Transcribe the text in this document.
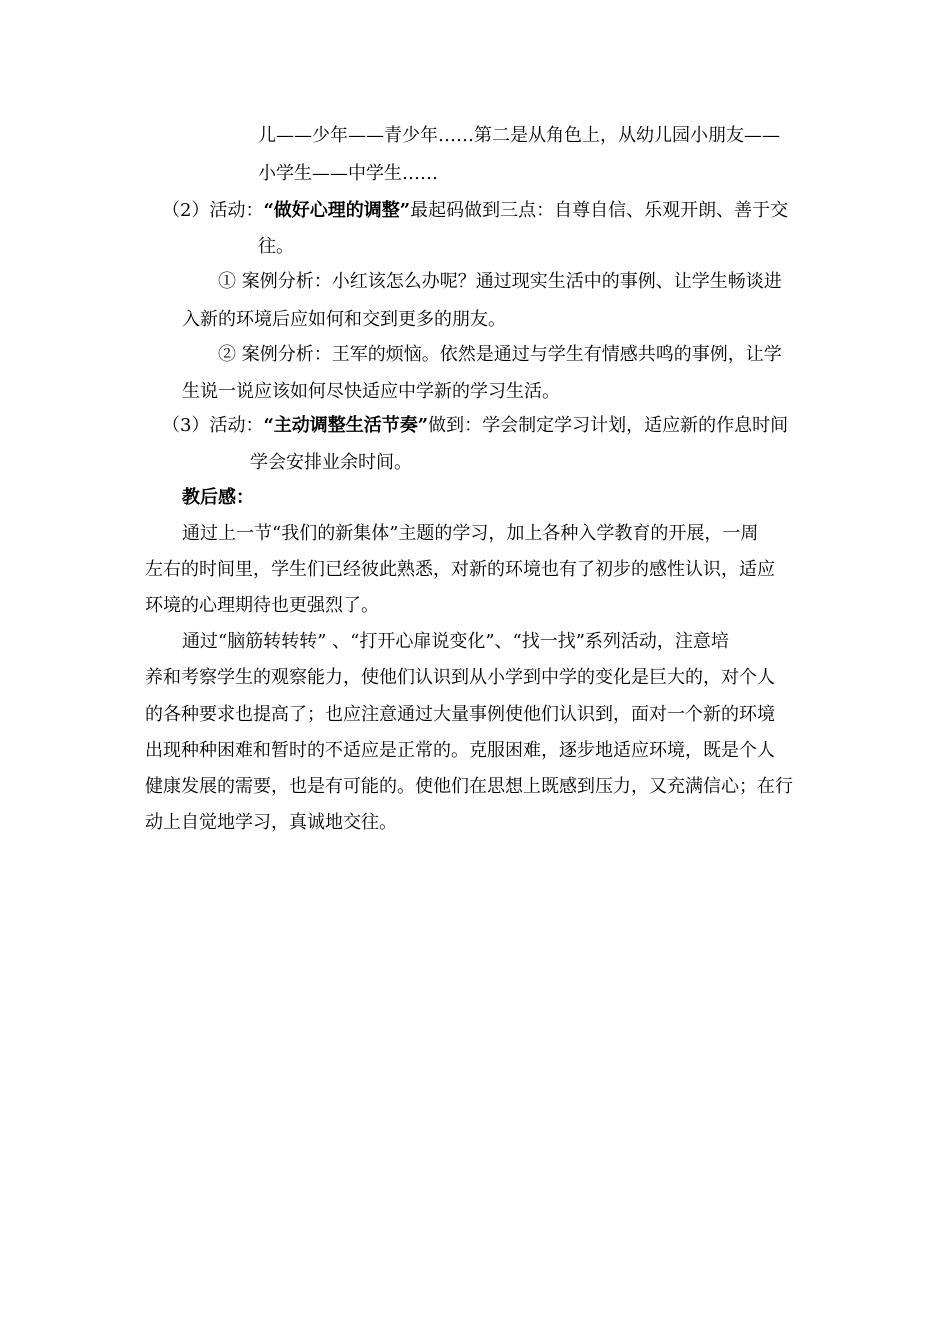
儿——少年——青少年……第二是从角色上，从幼儿园小朋友——
小学生——中学生……
（2）活动：“做好心理的调整”最起码做到三点：自尊自信、乐观开朗、善于交
往。
① 案例分析：小红该怎么办呢？通过现实生活中的事例、让学生畅谈进
入新的环境后应如何和交到更多的朋友。
② 案例分析：王军的烦恼。依然是通过与学生有情感共鸣的事例，让学
生说一说应该如何尽快适应中学新的学习生活。
（3）活动：“主动调整生活节奏”做到：学会制定学习计划，适应新的作息时间
学会安排业余时间。
教后感：
通过上一节“我们的新集体”主题的学习，加上各种入学教育的开展，一周
左右的时间里，学生们已经彼此熟悉，对新的环境也有了初步的感性认识，适应
环境的心理期待也更强烈了。
通过“脑筋转转转” 、“打开心扉说变化”、“找一找”系列活动，注意培
养和考察学生的观察能力，使他们认识到从小学到中学的变化是巨大的，对个人
的各种要求也提高了；也应注意通过大量事例使他们认识到，面对一个新的环境
出现种种困难和暂时的不适应是正常的。克服困难，逐步地适应环境，既是个人
健康发展的需要，也是有可能的。使他们在思想上既感到压力，又充满信心；在行
动上自觉地学习，真诚地交往。
